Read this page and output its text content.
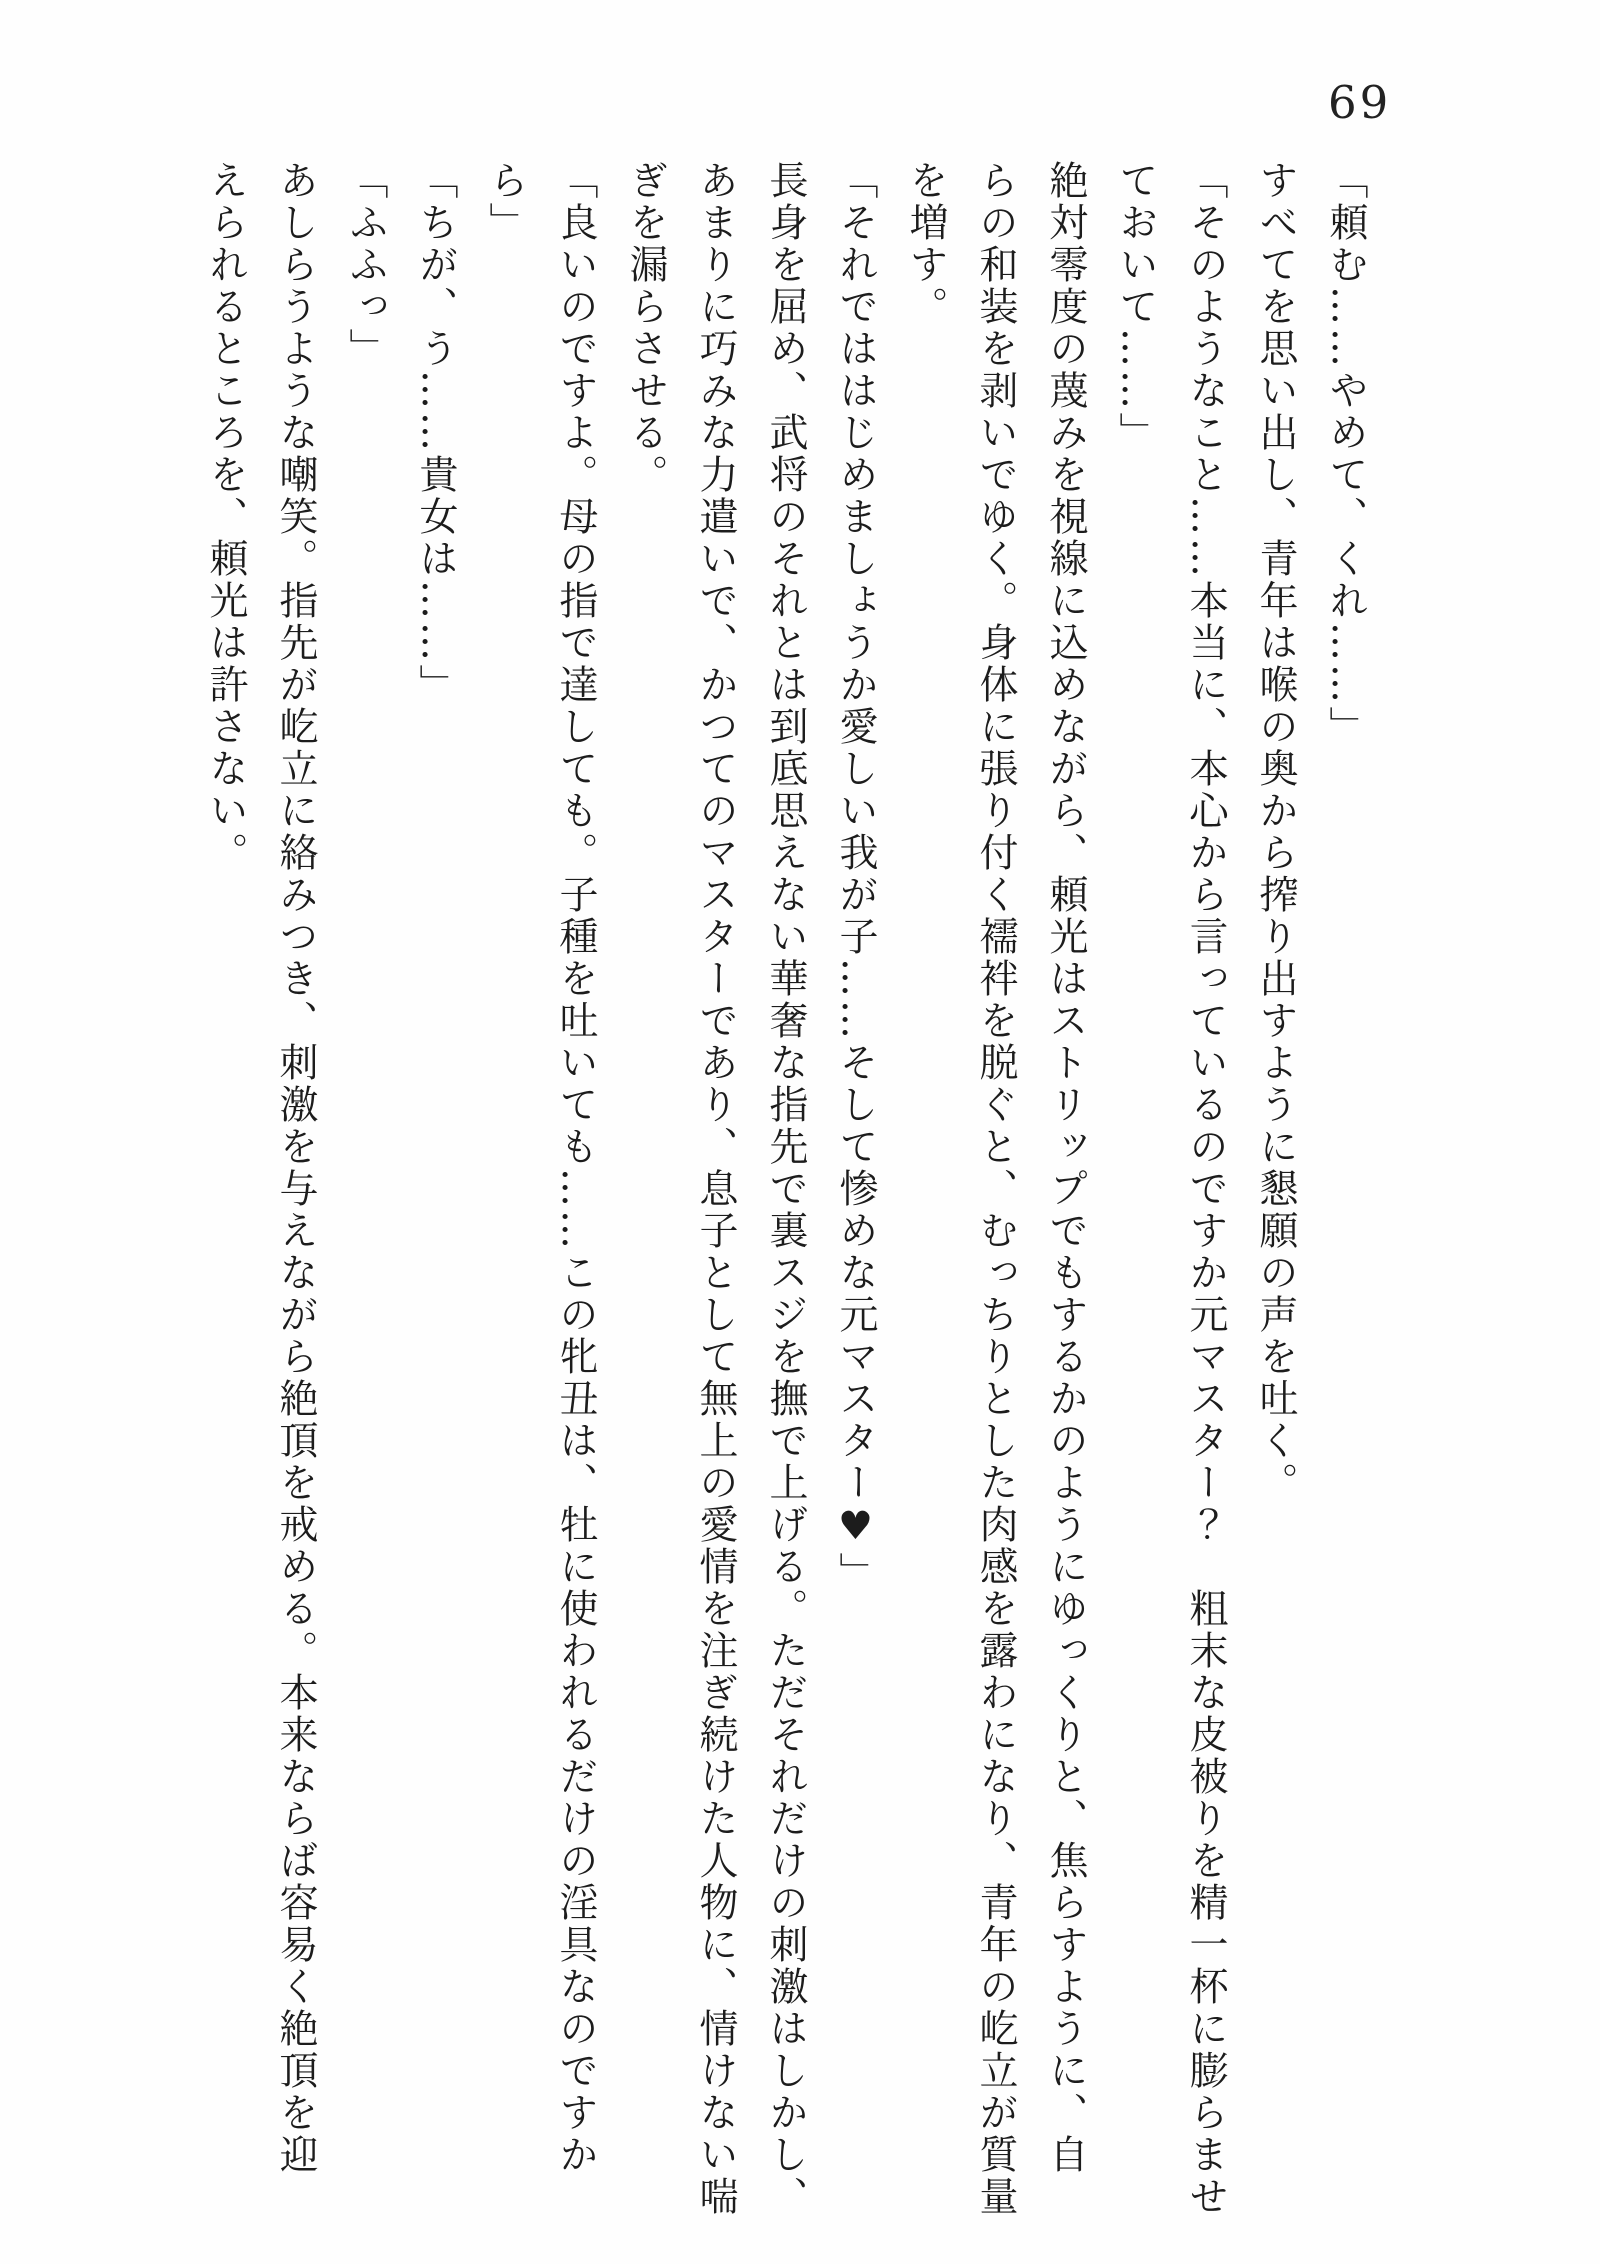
69

「頼む……やめて、くれ……」

すべてを思い出し、青年は喉の奥から搾り出すように懇願の声を吐く。

「そのようなこと……本当に、本心から言っているのですか元マスター？　粗末な皮被りを精一杯に膨らませ

ておいて……」

絶対零度の蔑みを視線に込めながら、頼光はストリップでもするかのようにゆっくりと、焦らすように、自

らの和装を剥いでゆく。身体に張り付く襦袢を脱ぐと、むっちりとした肉感を露わになり、青年の屹立が質量

を増す。

「それでははじめましょうか愛しい我が子……そして惨めな元マスター♥」

長身を屈め、武将のそれとは到底思えない華奢な指先で裏スジを撫で上げる。ただそれだけの刺激はしかし、

あまりに巧みな力遣いで、かつてのマスターであり、息子として無上の愛情を注ぎ続けた人物に、情けない喘

ぎを漏らさせる。

「良いのですよ。母の指で達しても。子種を吐いても……この牝丑は、牡に使われるだけの淫具なのですか

ら」

「ちが、う……貴女は……」

「ふふっ」

あしらうような嘲笑。指先が屹立に絡みつき、刺激を与えながら絶頂を戒める。本来ならば容易く絶頂を迎

えられるところを、頼光は許さない。
